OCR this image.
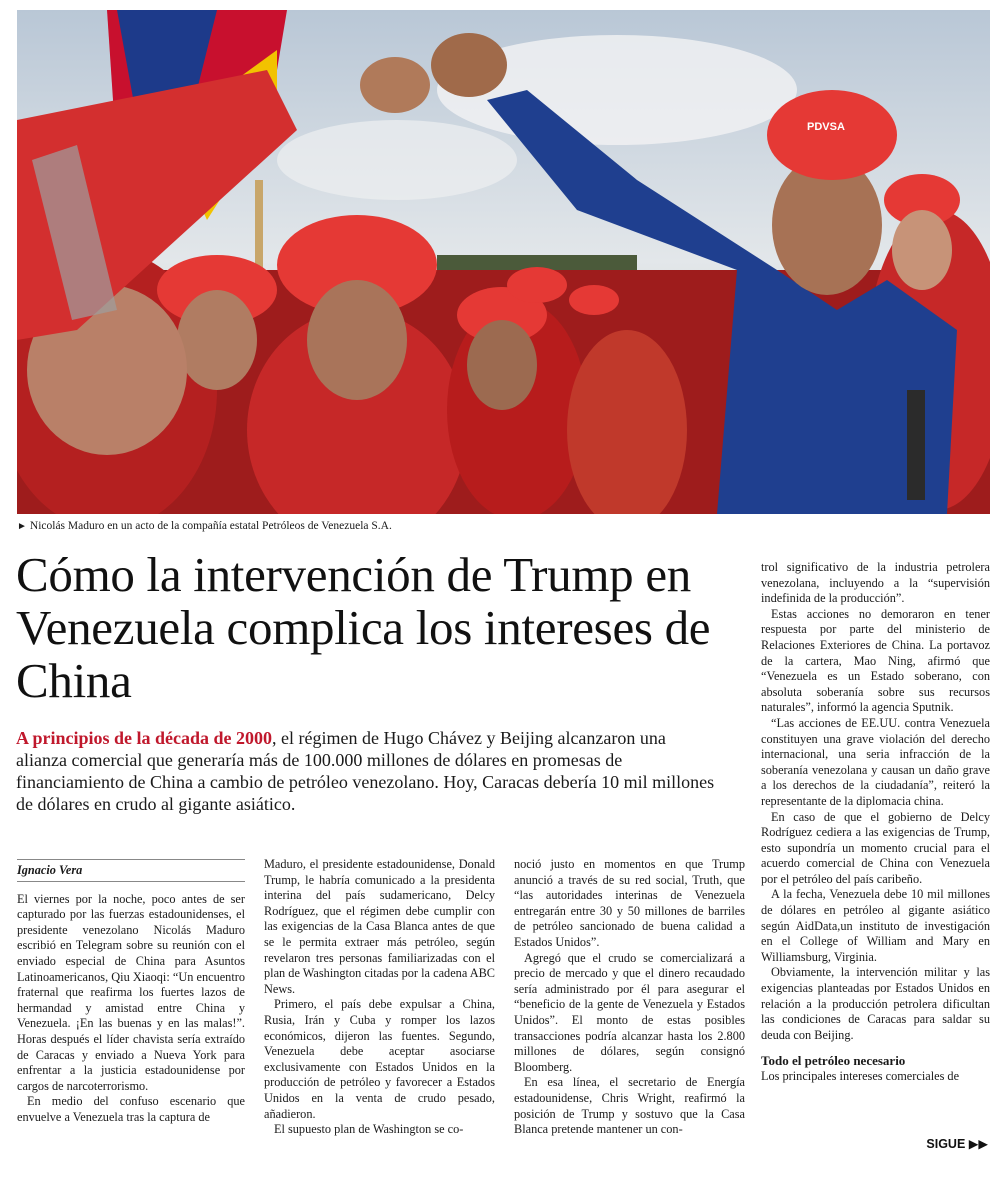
PDVSA
► Nicolás Maduro en un acto de la compañía estatal Petróleos de Venezuela S.A.
Cómo la intervención de Trump en Venezuela complica los intereses de China

A principios de la década de 2000, el régimen de Hugo Chávez y Beijing alcanzaron una alianza comercial que generaría más de 100.000 millones de dólares en promesas de financiamiento de China a cambio de petróleo venezolano. Hoy, Caracas debería 10 mil millones de dólares en crudo al gigante asiático.

Ignacio Vera

El viernes por la noche, poco antes de ser capturado por las fuerzas estadounidenses, el presidente venezolano Nicolás Maduro escribió en Telegram sobre su reunión con el enviado especial de China para Asuntos Latinoamericanos, Qiu Xiaoqi: “Un encuentro fraternal que reafirma los fuertes lazos de hermandad y amistad entre China y Venezuela. ¡En las buenas y en las malas!”. Horas después el líder chavista sería extraído de Caracas y enviado a Nueva York para enfrentar a la justicia estadounidense por cargos de narcoterrorismo.

En medio del confuso escenario que envuelve a Venezuela tras la captura de

Maduro, el presidente estadounidense, Donald Trump, le habría comunicado a la presidenta interina del país sudamericano, Delcy Rodríguez, que el régimen debe cumplir con las exigencias de la Casa Blanca antes de que se le permita extraer más petróleo, según revelaron tres personas familiarizadas con el plan de Washington citadas por la cadena ABC News.

Primero, el país debe expulsar a China, Rusia, Irán y Cuba y romper los lazos económicos, dijeron las fuentes. Segundo, Venezuela debe aceptar asociarse exclusivamente con Estados Unidos en la producción de petróleo y favorecer a Estados Unidos en la venta de crudo pesado, añadieron.

El supuesto plan de Washington se co-

noció justo en momentos en que Trump anunció a través de su red social, Truth, que “las autoridades interinas de Venezuela entregarán entre 30 y 50 millones de barriles de petróleo sancionado de buena calidad a Estados Unidos”.

Agregó que el crudo se comercializará a precio de mercado y que el dinero recaudado sería administrado por él para asegurar el “beneficio de la gente de Venezuela y Estados Unidos”. El monto de estas posibles transacciones podría alcanzar hasta los 2.800 millones de dólares, según consignó Bloomberg.

En esa línea, el secretario de Energía estadounidense, Chris Wright, reafirmó la posición de Trump y sostuvo que la Casa Blanca pretende mantener un con-

trol significativo de la industria petrolera venezolana, incluyendo a la “supervisión indefinida de la producción”.

Estas acciones no demoraron en tener respuesta por parte del ministerio de Relaciones Exteriores de China. La portavoz de la cartera, Mao Ning, afirmó que “Venezuela es un Estado soberano, con absoluta soberanía sobre sus recursos naturales”, informó la agencia Sputnik.

“Las acciones de EE.UU. contra Venezuela constituyen una grave violación del derecho internacional, una seria infracción de la soberanía venezolana y causan un daño grave a los derechos de la ciudadanía”, reiteró la representante de la diplomacia china.

En caso de que el gobierno de Delcy Rodríguez cediera a las exigencias de Trump, esto supondría un momento crucial para el acuerdo comercial de China con Venezuela por el petróleo del país caribeño.

A la fecha, Venezuela debe 10 mil millones de dólares en petróleo al gigante asiático según AidData,un instituto de investigación en el College of William and Mary en Williamsburg, Virginia.

Obviamente, la intervención militar y las exigencias planteadas por Estados Unidos en relación a la producción petrolera dificultan las condiciones de Caracas para saldar su deuda con Beijing.

Todo el petróleo necesario

Los principales intereses comerciales de

SIGUE ▶▶
